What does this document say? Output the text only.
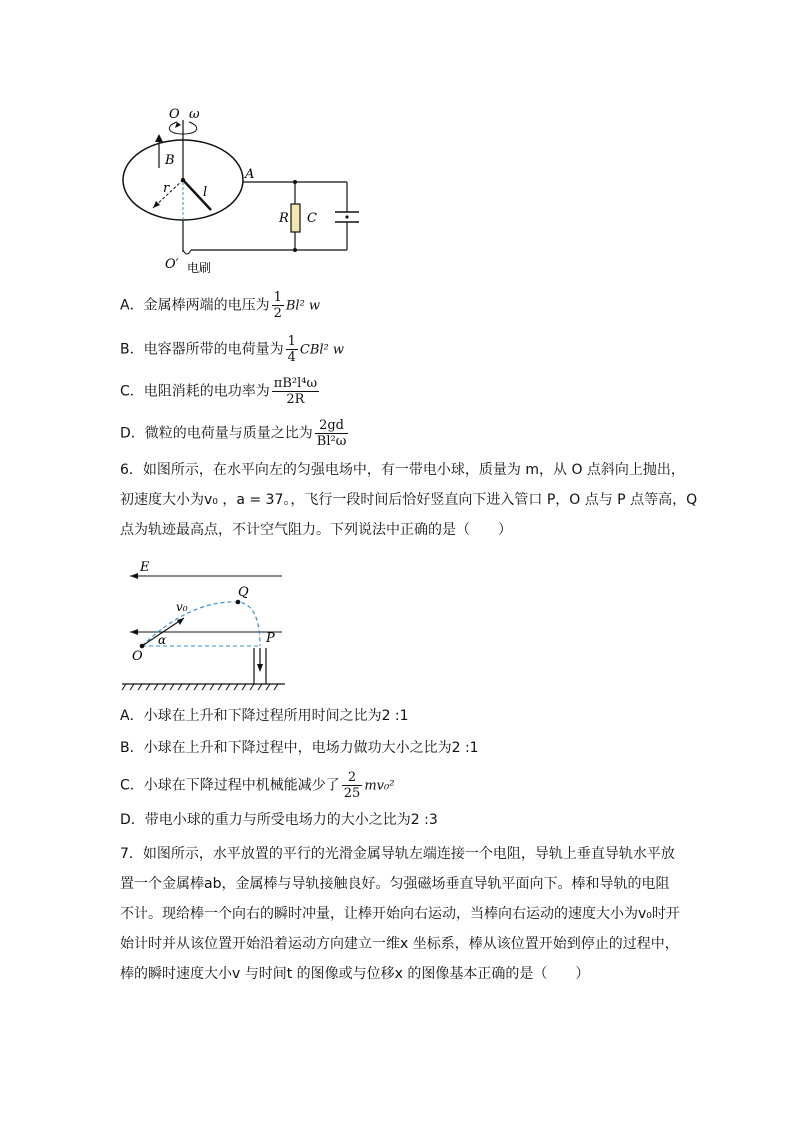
O ω
B
A
r	l
R C
O′ 电刷
A．金属棒两端的电压为 $\frac{1}{2} Bl^2$ w
B．电容器所带的电荷量为 $\frac{1}{4} CBl^2$ w
C．电阻消耗的电功率为 $\frac{\text{πB²l⁴ω}}{2R}$
D．微粒的电荷量与质量之比为 $\frac{2gd}{\text{Bl²ω}}$
6．如图所示，在水平向左的匀强电场中，有一带电小球，质量为 m，从 O 点斜向上抛出，
初速度大小为v₀ ，a = 37。，飞行一段时间后恰好竖直向下进入管口 P，O 点与 P 点等高，Q
点为轨迹最高点，不计空气阻力。下列说法中正确的是（　　）
E
Q
v₀
α
O
P
A．小球在上升和下降过程所用时间之比为2 :1
B．小球在上升和下降过程中，电场力做功大小之比为2 :1
C．小球在下降过程中机械能减少了 $\frac{2}{25} mv_0^2$
D．带电小球的重力与所受电场力的大小之比为2 :3
7．如图所示，水平放置的平行的光滑金属导轨左端连接一个电阻，导轨上垂直导轨水平放
置一个金属棒ab，金属棒与导轨接触良好。匀强磁场垂直导轨平面向下。棒和导轨的电阻
不计。现给棒一个向右的瞬时冲量，让棒开始向右运动，当棒向右运动的速度大小为v₀时开
始计时并从该位置开始沿着运动方向建立一维x 坐标系，棒从该位置开始到停止的过程中，
棒的瞬时速度大小v 与时间t 的图像或与位移x 的图像基本正确的是（　　）
